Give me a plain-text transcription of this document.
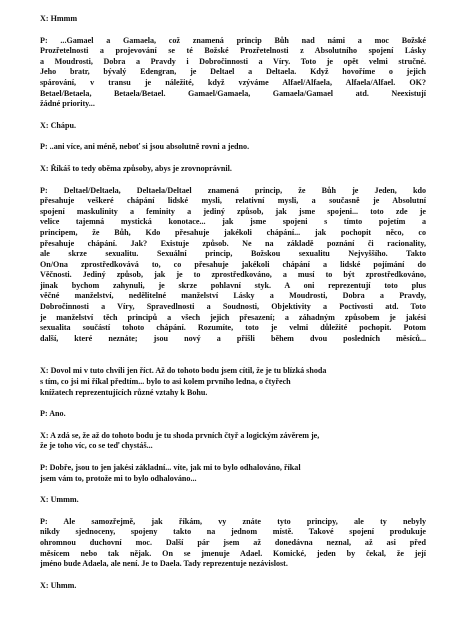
X: Hmmm
P: ...Gamael a Gamaela, což znamená princip Bůh nad námi a moc Božské
Prozřetelnosti a projevování se té Božské Prozřetelnosti z Absolutního spojení Lásky
a Moudrosti, Dobra a Pravdy i Dobročinnosti a Víry. Toto je opět velmi stručné.
Jeho bratr, bývalý Edengran, je Deltael a Deltaela. Když hovoříme o jejich
spárování, v transu je náležité, když vzýváme Alfael/Alfaela, Alfaela/Alfael. OK?
Betael/Betaela, Betaela/Betael. Gamael/Gamaela, Gamaela/Gamael atd. Neexistují
žádné priority...
X: Chápu.
P: ..ani více, ani méně, neboť si jsou absolutně rovni a jedno.
X: Říkáš to tedy oběma způsoby, abys je zrovnoprávnil.
P: Deltael/Deltaela, Deltaela/Deltael znamená princip, že Bůh je Jeden, kdo
přesahuje veškeré chápání lidské mysli, relativní mysli, a současně je Absolutní
spojení maskulinity a feminity a jediný způsob, jak jsme spojeni... toto zde je
velice tajemná mystická konotace... jak jsme spojeni s tímto pojetím a
principem, že Bůh, Kdo přesahuje jakékoli chápání... jak pochopit něco, co
přesahuje chápání. Jak? Existuje způsob. Ne na základě poznání či racionality,
ale skrze sexualitu. Sexuální princip, Božskou sexualitu Nejvyššího. Takto
On/Ona zprostředkovává to, co přesahuje jakékoli chápání a lidské pojímání do
Věčnosti. Jediný způsob, jak je to zprostředkováno, a musí to být zprostředkováno,
jinak bychom zahynuli, je skrze pohlavní styk. A oni reprezentují toto plus
věčné manželství, nedělitelné manželství Lásky a Moudrosti, Dobra a Pravdy,
Dobročinnosti a Víry, Spravedlnosti a Soudnosti, Objektivity a Poctivosti atd. Toto
je manželství těch principů a všech jejich přesazení; a záhadným způsobem je jakési
sexualita součástí tohoto chápání. Rozumíte, toto je velmi důležité pochopit. Potom
další, které neznáte; jsou nový a přišli během dvou posledních měsíců...
X: Dovol mi v tuto chvíli jen říct. Až do tohoto bodu jsem cítil, že je tu blízká shoda
s tím, co jsi mi říkal předtím... bylo to asi kolem prvního ledna, o čtyřech
knížatech reprezentujících různé vztahy k Bohu.
P: Ano.
X: A zdá se, že až do tohoto bodu je tu shoda prvních čtyř a logickým závěrem je,
že je toho víc, co se teď chystáš...
P: Dobře, jsou to jen jakési základní... víte, jak mi to bylo odhalováno, říkal
jsem vám to, protože mi to bylo odhalováno...
X: Ummm.
P: Ale samozřejmě, jak říkám, vy znáte tyto principy, ale ty nebyly
nikdy sjednoceny, spojeny takto na jednom místě. Takové spojení produkuje
ohromnou duchovní moc. Další pár jsem až donedávna neznal, až asi před
měsícem nebo tak nějak. On se jmenuje Adael. Komické, jeden by čekal, že její
jméno bude Adaela, ale není. Je to Daela. Tady reprezentuje nezávislost.
X: Uhmm.
